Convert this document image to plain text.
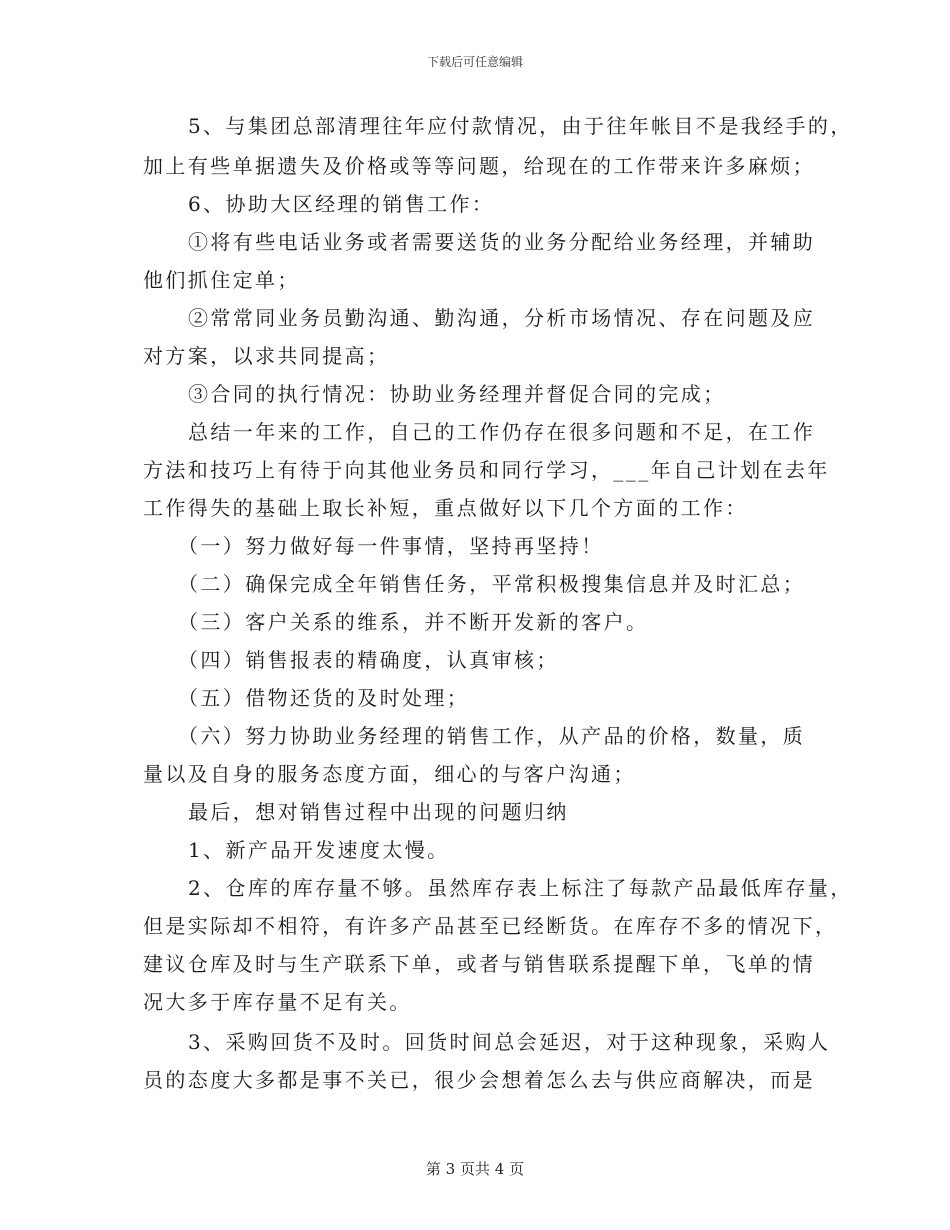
下载后可任意编辑
5、与集团总部清理往年应付款情况，由于往年帐目不是我经手的，
加上有些单据遗失及价格或等等问题，给现在的工作带来许多麻烦；
6、协助大区经理的销售工作：
①将有些电话业务或者需要送货的业务分配给业务经理，并辅助
他们抓住定单；
②常常同业务员勤沟通、勤沟通，分析市场情况、存在问题及应
对方案，以求共同提高；
③合同的执行情况：协助业务经理并督促合同的完成；
总结一年来的工作，自己的工作仍存在很多问题和不足，在工作
方法和技巧上有待于向其他业务员和同行学习，___年自己计划在去年
工作得失的基础上取长补短，重点做好以下几个方面的工作：
（一）努力做好每一件事情，坚持再坚持！
（二）确保完成全年销售任务，平常积极搜集信息并及时汇总；
（三）客户关系的维系，并不断开发新的客户。
（四）销售报表的精确度，认真审核；
（五）借物还货的及时处理；
（六）努力协助业务经理的销售工作，从产品的价格，数量，质
量以及自身的服务态度方面，细心的与客户沟通；
最后，想对销售过程中出现的问题归纳
1、新产品开发速度太慢。
2、仓库的库存量不够。虽然库存表上标注了每款产品最低库存量，
但是实际却不相符，有许多产品甚至已经断货。在库存不多的情况下，
建议仓库及时与生产联系下单，或者与销售联系提醒下单，飞单的情
况大多于库存量不足有关。
3、采购回货不及时。回货时间总会延迟，对于这种现象，采购人
员的态度大多都是事不关已，很少会想着怎么去与供应商解决，而是
第 3 页共 4 页
